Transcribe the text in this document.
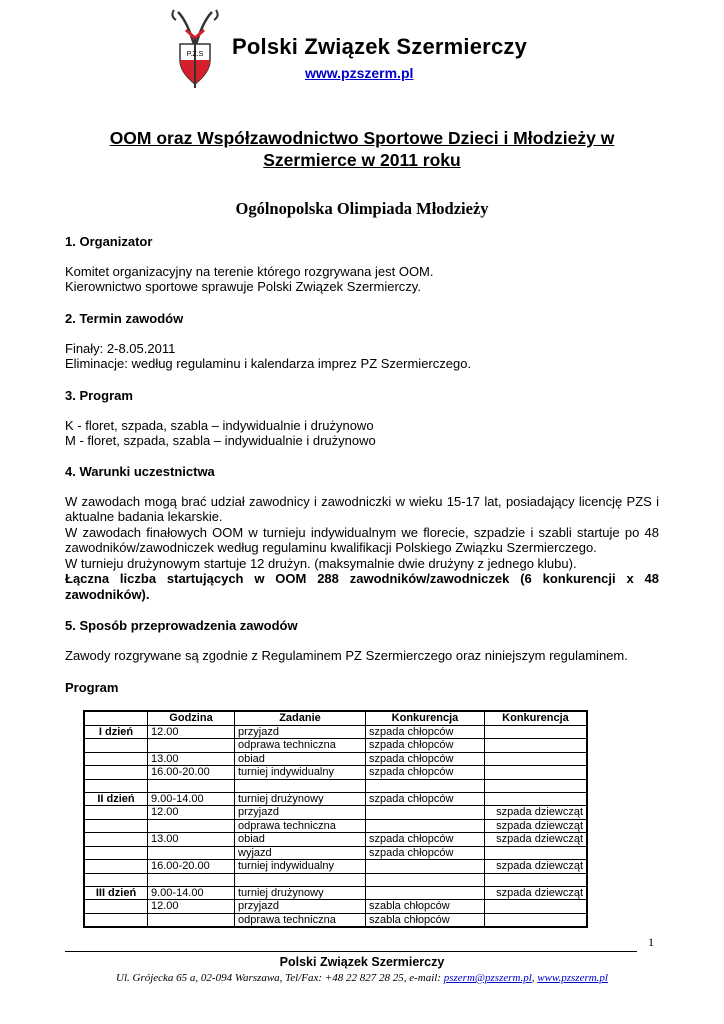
P.Z.S Polski Związek Szermierczy
www.pzszerm.pl
OOM oraz Współzawodnictwo Sportowe Dzieci i Młodzieży w
Szermierce w 2011 roku
Ogólnopolska Olimpiada Młodzieży
1. Organizator

Komitet organizacyjny na terenie którego rozgrywana jest OOM.

Kierownictwo sportowe sprawuje Polski Związek Szermierczy.

2. Termin zawodów

Finały: 2-8.05.2011

Eliminacje: według regulaminu i kalendarza imprez PZ Szermierczego.

3. Program

K - floret, szpada, szabla – indywidualnie i drużynowo

M - floret, szpada, szabla – indywidualnie i drużynowo

4. Warunki uczestnictwa

W zawodach mogą brać udział zawodnicy i zawodniczki w wieku 15-17 lat, posiadający licencję PZS i aktualne badania lekarskie.

W zawodach finałowych OOM w turnieju indywidualnym we florecie, szpadzie i szabli startuje po 48 zawodników/zawodniczek według regulaminu kwalifikacji Polskiego Związku Szermierczego.

W turnieju drużynowym startuje 12 drużyn. (maksymalnie dwie drużyny z jednego klubu).

Łączna liczba startujących w OOM 288 zawodników/zawodniczek (6 konkurencji x 48 zawodników).

5. Sposób przeprowadzenia zawodów

Zawody rozgrywane są zgodnie z Regulaminem PZ Szermierczego oraz niniejszym regulaminem.

Program
	Godzina	Zadanie	Konkurencja	Konkurencja
I dzień	12.00	przyjazd	szpada chłopców	
		odprawa techniczna	szpada chłopców	
	13.00	obiad	szpada chłopców	
	16.00-20.00	turniej indywidualny	szpada chłopców	

II dzień	9.00-14.00	turniej drużynowy	szpada chłopców	
	12.00	przyjazd		szpada dziewcząt
		odprawa techniczna		szpada dziewcząt
	13.00	obiad	szpada chłopców	szpada dziewcząt
		wyjazd	szpada chłopców	
	16.00-20.00	turniej indywidualny		szpada dziewcząt

III dzień	9.00-14.00	turniej drużynowy		szpada dziewcząt
	12.00	przyjazd	szabla chłopców	
		odprawa techniczna	szabla chłopców	
1
Polski Związek Szermierczy
Ul. Grójecka 65 a, 02-094 Warszawa, Tel/Fax: +48 22 827 28 25, e-mail: pszerm@pzszerm.pl, www.pzszerm.pl
